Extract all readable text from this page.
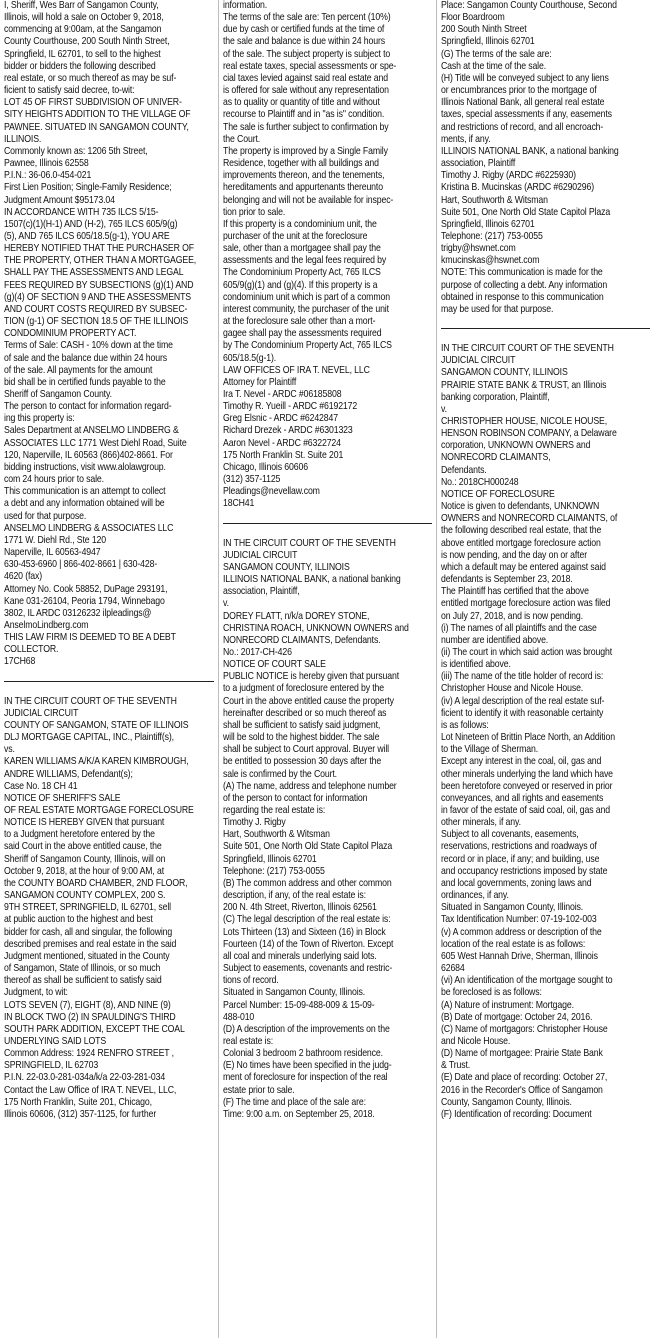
I, Sheriff, Wes Barr of Sangamon County,
Illinois, will hold a sale on October 9, 2018,
commencing at 9:00am, at the Sangamon
County Courthouse, 200 South Ninth Street,
Springfield, IL 62701, to sell to the highest
bidder or bidders the following described
real estate, or so much thereof as may be suf-
ficient to satisfy said decree, to-wit:
LOT 45 OF FIRST SUBDIVISION OF UNIVER-
SITY HEIGHTS ADDITION TO THE VILLAGE OF
PAWNEE. SITUATED IN SANGAMON COUNTY,
ILLINOIS.
Commonly known as: 1206 5th Street,
Pawnee, Illinois 62558
P.I.N.: 36-06.0-454-021
First Lien Position; Single-Family Residence;
Judgment Amount $95173.04
IN ACCORDANCE WITH 735 ILCS 5/15-
1507(c)(1)(H-1) AND (H-2), 765 ILCS 605/9(g)
(5), AND 765 ILCS 605/18.5(g-1), YOU ARE
HEREBY NOTIFIED THAT THE PURCHASER OF
THE PROPERTY, OTHER THAN A MORTGAGEE,
SHALL PAY THE ASSESSMENTS AND LEGAL
FEES REQUIRED BY SUBSECTIONS (g)(1) AND
(g)(4) OF SECTION 9 AND THE ASSESSMENTS
AND COURT COSTS REQUIRED BY SUBSEC-
TION (g-1) OF SECTION 18.5 OF THE ILLINOIS
CONDOMINIUM PROPERTY ACT.
Terms of Sale: CASH - 10% down at the time
of sale and the balance due within 24 hours
of the sale. All payments for the amount
bid shall be in certified funds payable to the
Sheriff of Sangamon County.
The person to contact for information regard-
ing this property is:
Sales Department at ANSELMO LINDBERG &
ASSOCIATES LLC 1771 West Diehl Road, Suite
120, Naperville, IL 60563 (866)402-8661. For
bidding instructions, visit www.alolawgroup.
com 24 hours prior to sale.
This communication is an attempt to collect
a debt and any information obtained will be
used for that purpose.
ANSELMO LINDBERG & ASSOCIATES LLC
1771 W. Diehl Rd., Ste 120
Naperville, IL 60563-4947
630-453-6960 | 866-402-8661 | 630-428-
4620 (fax)
Attorney No. Cook 58852, DuPage 293191,
Kane 031-26104, Peoria 1794, Winnebago
3802, IL ARDC 03126232 ilpleadings@
AnselmoLindberg.com
THIS LAW FIRM IS DEEMED TO BE A DEBT
COLLECTOR.
17CH68
IN THE CIRCUIT COURT OF THE SEVENTH
JUDICIAL CIRCUIT
COUNTY OF SANGAMON, STATE OF ILLINOIS
DLJ MORTGAGE CAPITAL, INC., Plaintiff(s),
vs.
KAREN WILLIAMS A/K/A KAREN KIMBROUGH,
ANDRE WILLIAMS, Defendant(s);
Case No. 18 CH 41
NOTICE OF SHERIFF'S SALE
OF REAL ESTATE MORTGAGE FORECLOSURE
NOTICE IS HEREBY GIVEN that pursuant
to a Judgment heretofore entered by the
said Court in the above entitled cause, the
Sheriff of Sangamon County, Illinois, will on
October 9, 2018, at the hour of 9:00 AM, at
the COUNTY BOARD CHAMBER, 2ND FLOOR,
SANGAMON COUNTY COMPLEX, 200 S.
9TH STREET, SPRINGFIELD, IL 62701, sell
at public auction to the highest and best
bidder for cash, all and singular, the following
described premises and real estate in the said
Judgment mentioned, situated in the County
of Sangamon, State of Illinois, or so much
thereof as shall be sufficient to satisfy said
Judgment, to wit:
LOTS SEVEN (7), EIGHT (8), AND NINE (9)
IN BLOCK TWO (2) IN SPAULDING'S THIRD
SOUTH PARK ADDITION, EXCEPT THE COAL
UNDERLYING SAID LOTS
Common Address: 1924 RENFRO STREET ,
SPRINGFIELD, IL 62703
P.I.N. 22-03.0-281-034a/k/a 22-03-281-034
Contact the Law Office of IRA T. NEVEL, LLC,
175 North Franklin, Suite 201, Chicago,
Illinois 60606, (312) 357-1125, for further
information.
The terms of the sale are: Ten percent (10%)
due by cash or certified funds at the time of
the sale and balance is due within 24 hours
of the sale. The subject property is subject to
real estate taxes, special assessments or spe-
cial taxes levied against said real estate and
is offered for sale without any representation
as to quality or quantity of title and without
recourse to Plaintiff and in "as is" condition.
The sale is further subject to confirmation by
the Court.
The property is improved by a Single Family
Residence, together with all buildings and
improvements thereon, and the tenements,
hereditaments and appurtenants thereunto
belonging and will not be available for inspec-
tion prior to sale.
If this property is a condominium unit, the
purchaser of the unit at the foreclosure
sale, other than a mortgagee shall pay the
assessments and the legal fees required by
The Condominium Property Act, 765 ILCS
605/9(g)(1) and (g)(4). If this property is a
condominium unit which is part of a common
interest community, the purchaser of the unit
at the foreclosure sale other than a mort-
gagee shall pay the assessments required
by The Condominium Property Act, 765 ILCS
605/18.5(g-1).
LAW OFFICES OF IRA T. NEVEL, LLC
Attorney for Plaintiff
Ira T. Nevel - ARDC #06185808
Timothy R. Yueill - ARDC #6192172
Greg Elsnic - ARDC #6242847
Richard Drezek - ARDC #6301323
Aaron Nevel - ARDC #6322724
175 North Franklin St. Suite 201
Chicago, Illinois 60606
(312) 357-1125
Pleadings@nevellaw.com
18CH41
IN THE CIRCUIT COURT OF THE SEVENTH
JUDICIAL CIRCUIT
SANGAMON COUNTY, ILLINOIS
ILLINOIS NATIONAL BANK, a national banking
association, Plaintiff,
v.
DOREY FLATT, n/k/a DOREY STONE,
CHRISTINA ROACH, UNKNOWN OWNERS and
NONRECORD CLAIMANTS, Defendants.
No.: 2017-CH-426
NOTICE OF COURT SALE
PUBLIC NOTICE is hereby given that pursuant
to a judgment of foreclosure entered by the
Court in the above entitled cause the property
hereinafter described or so much thereof as
shall be sufficient to satisfy said judgment,
will be sold to the highest bidder. The sale
shall be subject to Court approval. Buyer will
be entitled to possession 30 days after the
sale is confirmed by the Court.
(A) The name, address and telephone number
of the person to contact for information
regarding the real estate is:
Timothy J. Rigby
Hart, Southworth & Witsman
Suite 501, One North Old State Capitol Plaza
Springfield, Illinois 62701
Telephone: (217) 753-0055
(B) The common address and other common
description, if any, of the real estate is:
200 N. 4th Street, Riverton, Illinois 62561
(C) The legal description of the real estate is:
Lots Thirteen (13) and Sixteen (16) in Block
Fourteen (14) of the Town of Riverton. Except
all coal and minerals underlying said lots.
Subject to easements, covenants and restric-
tions of record.
Situated in Sangamon County, Illinois.
Parcel Number: 15-09-488-009 & 15-09-
488-010
(D) A description of the improvements on the
real estate is:
Colonial 3 bedroom 2 bathroom residence.
(E) No times have been specified in the judg-
ment of foreclosure for inspection of the real
estate prior to sale.
(F) The time and place of the sale are:
Time: 9:00 a.m. on September 25, 2018.
Place: Sangamon County Courthouse, Second
Floor Boardroom
200 South Ninth Street
Springfield, Illinois 62701
(G) The terms of the sale are:
Cash at the time of the sale.
(H) Title will be conveyed subject to any liens
or encumbrances prior to the mortgage of
Illinois National Bank, all general real estate
taxes, special assessments if any, easements
and restrictions of record, and all encroach-
ments, if any.
ILLINOIS NATIONAL BANK, a national banking
association, Plaintiff
Timothy J. Rigby (ARDC #6225930)
Kristina B. Mucinskas (ARDC #6290296)
Hart, Southworth & Witsman
Suite 501, One North Old State Capitol Plaza
Springfield, Illinois 62701
Telephone: (217) 753-0055
trigby@hswnet.com
kmucinskas@hswnet.com
NOTE: This communication is made for the
purpose of collecting a debt. Any information
obtained in response to this communication
may be used for that purpose.
IN THE CIRCUIT COURT OF THE SEVENTH
JUDICIAL CIRCUIT
SANGAMON COUNTY, ILLINOIS
PRAIRIE STATE BANK & TRUST, an Illinois
banking corporation, Plaintiff,
v.
CHRISTOPHER HOUSE, NICOLE HOUSE,
HENSON ROBINSON COMPANY, a Delaware
corporation, UNKNOWN OWNERS and
NONRECORD CLAIMANTS,
Defendants.
No.: 2018CH000248
NOTICE OF FORECLOSURE
Notice is given to defendants, UNKNOWN
OWNERS and NONRECORD CLAIMANTS, of
the following described real estate, that the
above entitled mortgage foreclosure action
is now pending, and the day on or after
which a default may be entered against said
defendants is September 23, 2018.
The Plaintiff has certified that the above
entitled mortgage foreclosure action was filed
on July 27, 2018, and is now pending.
(i) The names of all plaintiffs and the case
number are identified above.
(ii) The court in which said action was brought
is identified above.
(iii) The name of the title holder of record is:
Christopher House and Nicole House.
(iv) A legal description of the real estate suf-
ficient to identify it with reasonable certainty
is as follows:
Lot Nineteen of Brittin Place North, an Addition
to the Village of Sherman.
Except any interest in the coal, oil, gas and
other minerals underlying the land which have
been heretofore conveyed or reserved in prior
conveyances, and all rights and easements
in favor of the estate of said coal, oil, gas and
other minerals, if any.
Subject to all covenants, easements,
reservations, restrictions and roadways of
record or in place, if any; and building, use
and occupancy restrictions imposed by state
and local governments, zoning laws and
ordinances, if any.
Situated in Sangamon County, Illinois.
Tax Identification Number: 07-19-102-003
(v) A common address or description of the
location of the real estate is as follows:
605 West Hannah Drive, Sherman, Illinois
62684
(vi) An identification of the mortgage sought to
be foreclosed is as follows:
(A) Nature of instrument: Mortgage.
(B) Date of mortgage: October 24, 2016.
(C) Name of mortgagors: Christopher House
and Nicole House.
(D) Name of mortgagee: Prairie State Bank
& Trust.
(E) Date and place of recording: October 27,
2016 in the Recorder's Office of Sangamon
County, Sangamon County, Illinois.
(F) Identification of recording: Document
